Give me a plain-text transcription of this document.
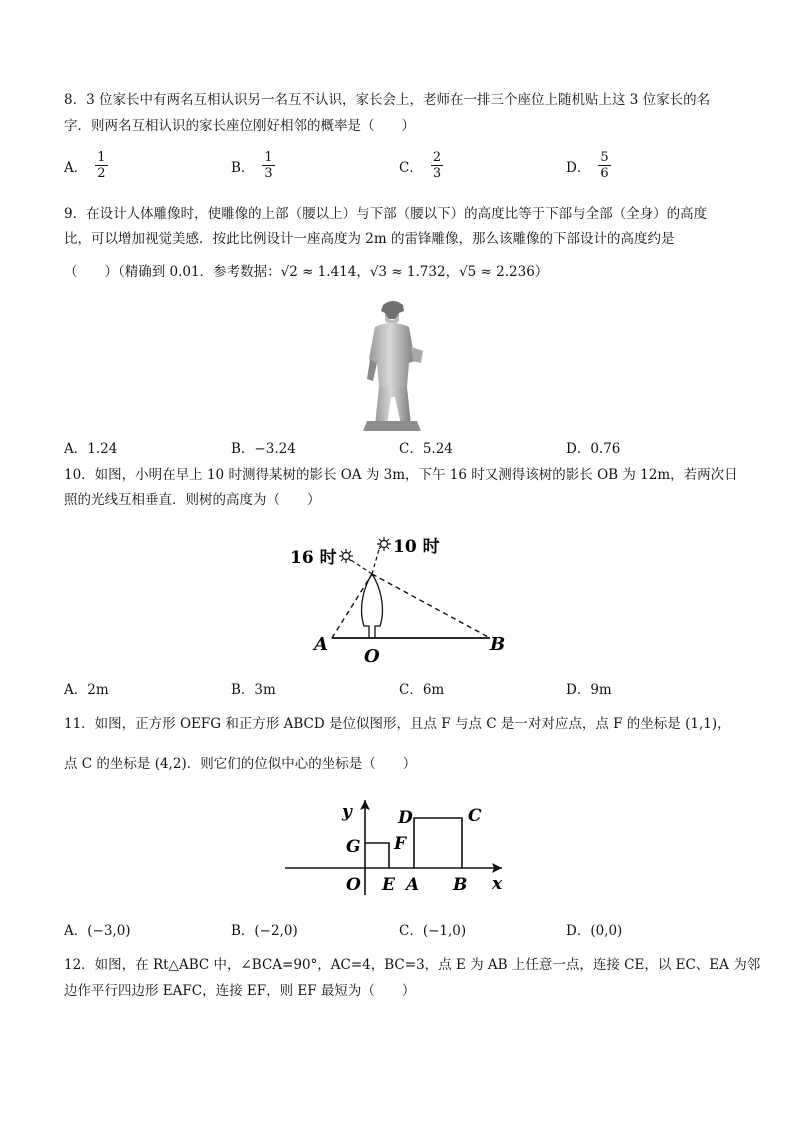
8．3 位家长中有两名互相认识另一名互不认识，家长会上，老师在一排三个座位上随机贴上这 3 位家长的名
字．则两名互相认识的家长座位刚好相邻的概率是（　　）
A． $\frac{1}{2}$	B． $\frac{1}{3}$	C． $\frac{2}{3}$	D． $\frac{5}{6}$
9．在设计人体雕像时，使雕像的上部（腰以上）与下部（腰以下）的高度比等于下部与全部（全身）的高度
比，可以增加视觉美感．按此比例设计一座高度为 2m 的雷锋雕像，那么该雕像的下部设计的高度约是
（　　）（精确到 0.01．参考数据：√2 ≈ 1.414，√3 ≈ 1.732，√5 ≈ 2.236）
A．1.24	B．−3.24	C．5.24	D．0.76
10．如图，小明在早上 10 时测得某树的影长 OA 为 3m，下午 16 时又测得该树的影长 OB 为 12m，若两次日
照的光线互相垂直．则树的高度为（　　）
16 时
10 时
A
O
B
A．2m	B．3m	C．6m	D．9m
11．如图，正方形 OEFG 和正方形 ABCD 是位似图形，且点 F 与点 C 是一对对应点，点 F 的坐标是 (1,1)，
点 C 的坐标是 (4,2)．则它们的位似中心的坐标是（　　）
y
x
O E A B
G F
D	C
A．(−3,0)	B．(−2,0)	C．(−1,0)	D．(0,0)
12．如图，在 Rt△ABC 中，∠BCA=90°，AC=4，BC=3，点 E 为 AB 上任意一点，连接 CE，以 EC、EA 为邻
边作平行四边形 EAFC，连接 EF，则 EF 最短为（　　）
